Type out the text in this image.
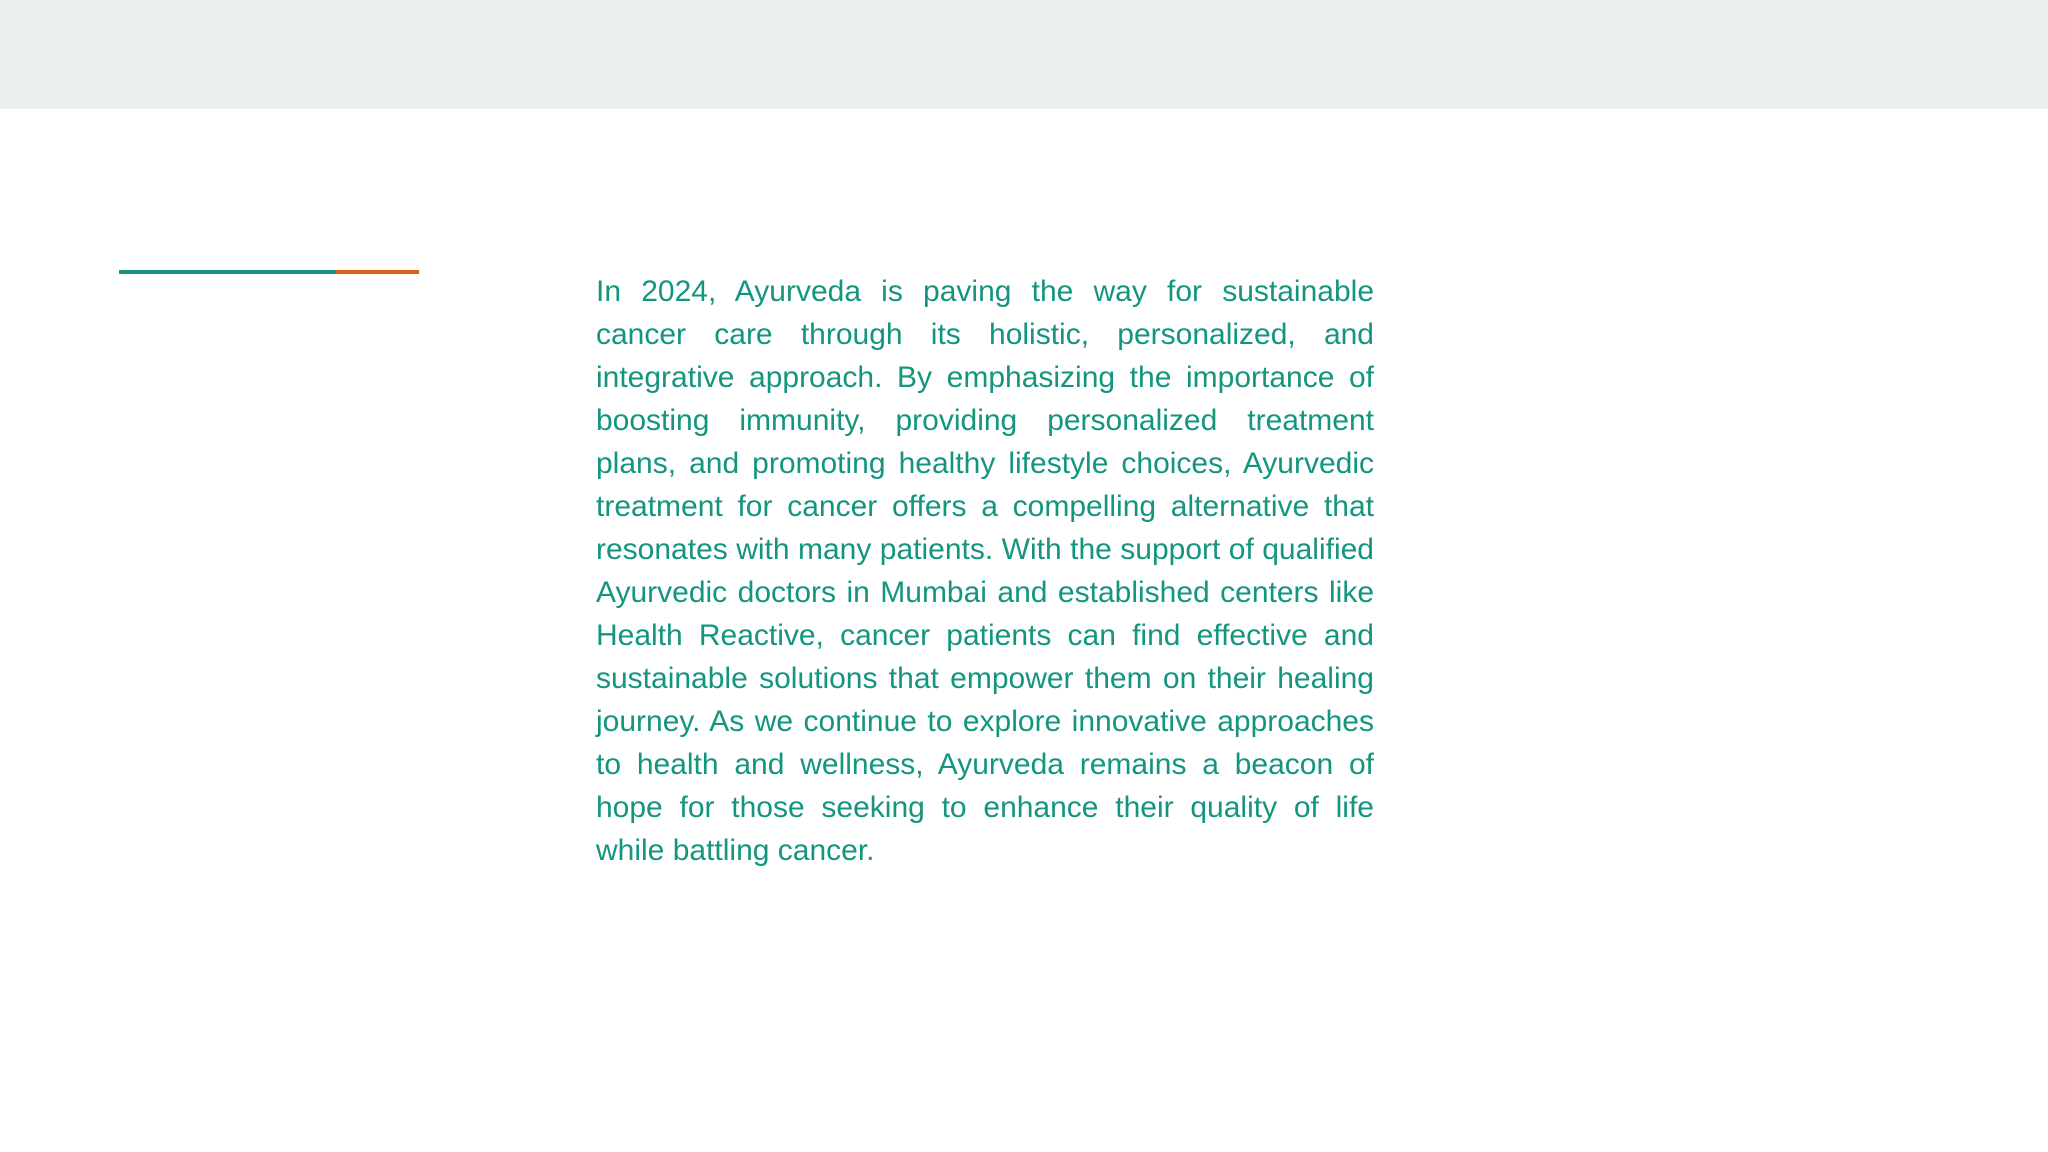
In 2024, Ayurveda is paving the way for sustainable cancer care through its holistic, personalized, and integrative approach. By emphasizing the importance of boosting immunity, providing personalized treatment plans, and promoting healthy lifestyle choices, Ayurvedic treatment for cancer offers a compelling alternative that resonates with many patients. With the support of qualified Ayurvedic doctors in Mumbai and established centers like Health Reactive, cancer patients can find effective and sustainable solutions that empower them on their healing journey. As we continue to explore innovative approaches to health and wellness, Ayurveda remains a beacon of hope for those seeking to enhance their quality of life while battling cancer.
